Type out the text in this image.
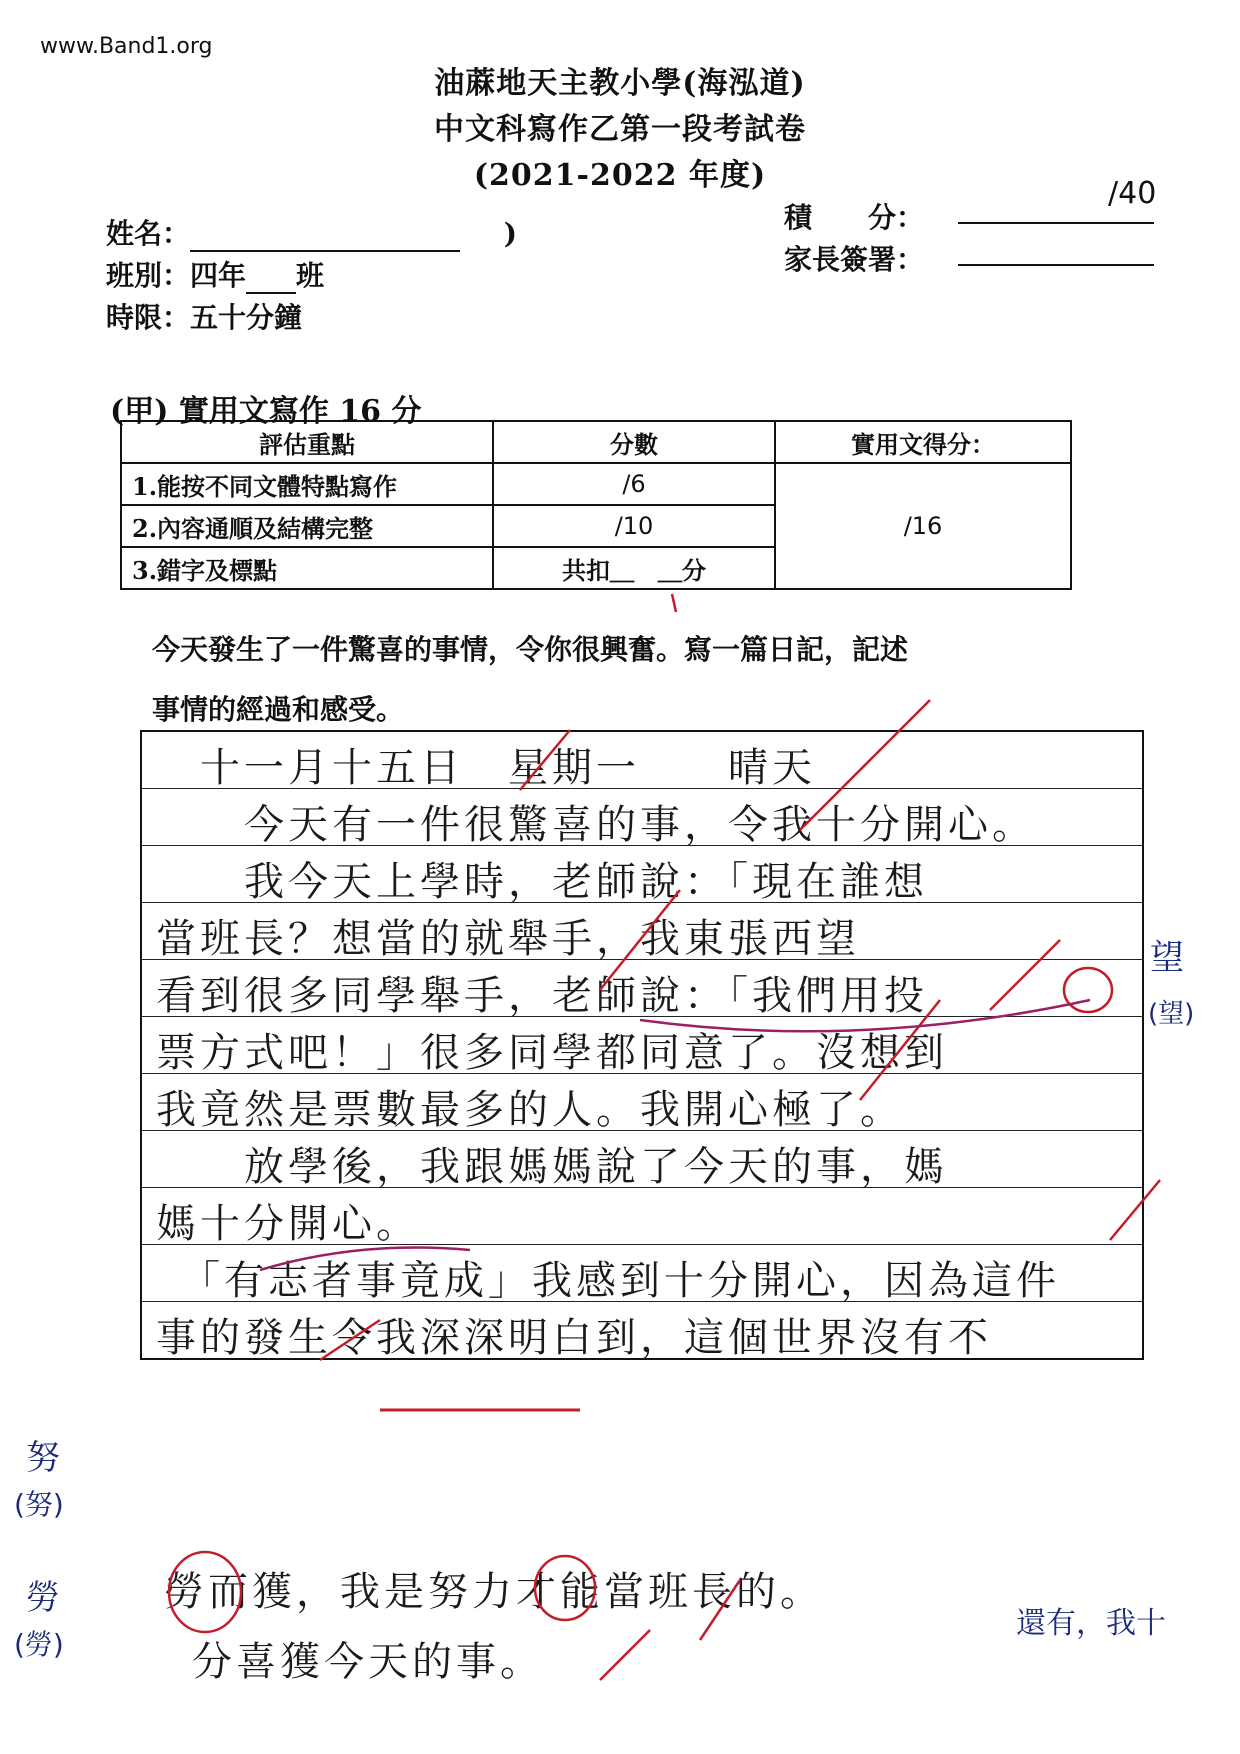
www.Band1.org
油蔴地天主教小學(海泓道)
中文科寫作乙第一段考試卷
(2021-2022 年度)
姓名：	)
班別：四年 班
時限：五十分鐘
積　　分：
/40
家長簽署：
(甲) 實用文寫作 16 分
評估重點	分數	實用文得分：
1.能按不同文體特點寫作	/6	/16
2.內容通順及結構完整	/10	
3.錯字及標點	共扣＿　＿分	
今天發生了一件驚喜的事情，令你很興奮。寫一篇日記，記述
事情的經過和感受。
　十一月十五日　星期一　　晴天
　　今天有一件很驚喜的事，令我十分開心。
　　我今天上學時，老師說：「現在誰想
當班長？想當的就舉手，我東張西望
看到很多同學舉手，老師說：「我們用投
票方式吧！」很多同學都同意了。沒想到
我竟然是票數最多的人。我開心極了。
　　放學後，我跟媽媽說了今天的事，媽
媽十分開心。
　「有志者事竟成」我感到十分開心，因為這件
事的發生令我深深明白到，這個世界沒有不
勞而獲，我是努力才能當班長的。
分喜獲今天的事。
還有，我十
望
(望)
努
(努)
勞
(勞)
